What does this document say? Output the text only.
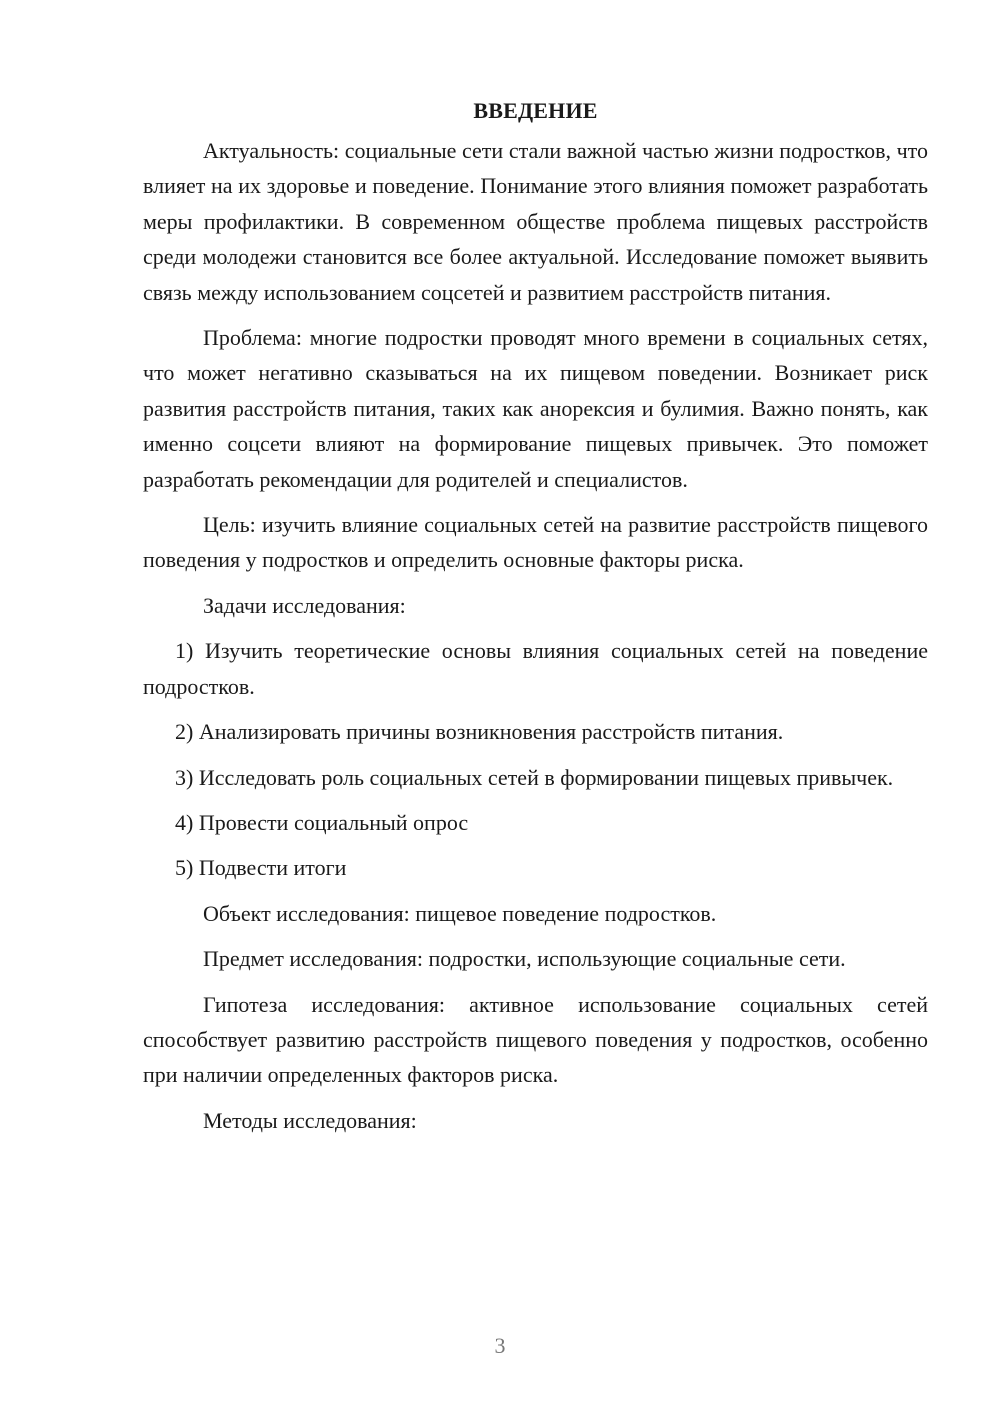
ВВЕДЕНИЕ

Актуальность: социальные сети стали важной частью жизни подростков, что влияет на их здоровье и поведение. Понимание этого влияния поможет разработать меры профилактики. В современном обществе проблема пищевых расстройств среди молодежи становится все более актуальной. Исследование поможет выявить связь между использованием соцсетей и развитием расстройств питания.

Проблема: многие подростки проводят много времени в социальных сетях, что может негативно сказываться на их пищевом поведении. Возникает риск развития расстройств питания, таких как анорексия и булимия. Важно понять, как именно соцсети влияют на формирование пищевых привычек. Это поможет разработать рекомендации для родителей и специалистов.

Цель: изучить влияние социальных сетей на развитие расстройств пищевого поведения у подростков и определить основные факторы риска.

Задачи исследования:

1) Изучить теоретические основы влияния социальных сетей на поведение подростков.

2) Анализировать причины возникновения расстройств питания.

3) Исследовать роль социальных сетей в формировании пищевых привычек.

4) Провести социальный опрос

5) Подвести итоги

Объект исследования: пищевое поведение подростков.

Предмет исследования: подростки, использующие социальные сети.

Гипотеза исследования: активное использование социальных сетей способствует развитию расстройств пищевого поведения у подростков, особенно при наличии определенных факторов риска.

Методы исследования:

3
